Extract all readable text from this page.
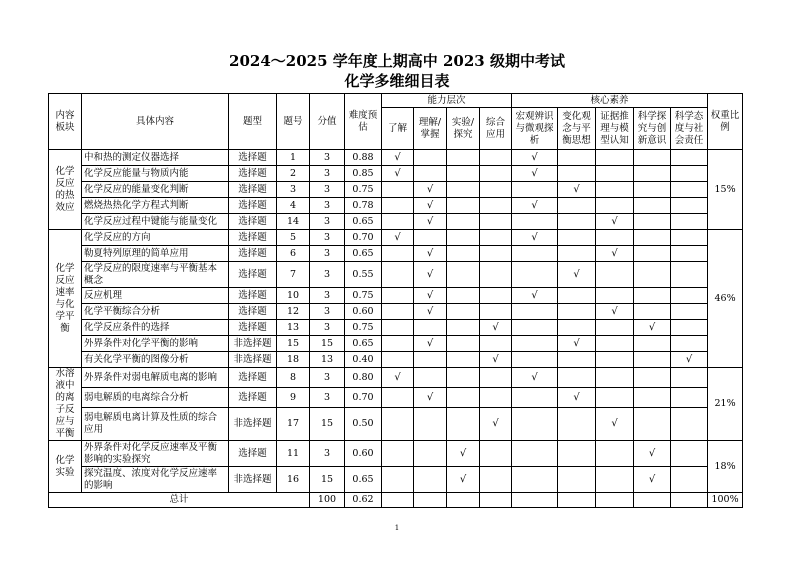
2024～2025 学年度上期高中 2023 级期中考试
化学多维细目表
内容板块	具体内容	题型	题号	分值	难度预估	能力层次				核心素养					权重比例
						了解	理解/掌握	实验/探究	综合应用	宏观辨识与微观探析	变化观念与平衡思想	证据推理与模型认知	科学探究与创新意识	科学态度与社会责任	
化学反应的热效应	中和热的测定仪器选择	选择题	1	3	0.88	√				√					15%
	化学反应能量与物质内能	选择题	2	3	0.85	√				√					
	化学反应的能量变化判断	选择题	3	3	0.75		√				√				
	燃烧热热化学方程式判断	选择题	4	3	0.78		√			√					
	化学反应过程中键能与能量变化	选择题	14	3	0.65		√					√			
化学反应速率与化学平衡	化学反应的方向	选择题	5	3	0.70	√				√					46%
	勒夏特列原理的简单应用	选择题	6	3	0.65		√					√			
	化学反应的限度速率与平衡基本概念	选择题	7	3	0.55		√				√				
	反应机理	选择题	10	3	0.75		√			√					
	化学平衡综合分析	选择题	12	3	0.60		√					√			
	化学反应条件的选择	选择题	13	3	0.75				√				√		
	外界条件对化学平衡的影响	非选择题	15	15	0.65		√				√				
	有关化学平衡的图像分析	非选择题	18	13	0.40				√					√	
水溶液中的离子反应与平衡	外界条件对弱电解质电离的影响	选择题	8	3	0.80	√				√					21%
	弱电解质的电离综合分析	选择题	9	3	0.70		√				√				
	弱电解质电离计算及性质的综合应用	非选择题	17	15	0.50				√			√			
化学实验	外界条件对化学反应速率及平衡影响的实验探究	选择题	11	3	0.60			√					√		18%
	探究温度、浓度对化学反应速率的影响	非选择题	16	15	0.65			√					√		
总计				100	0.62										100%
1
